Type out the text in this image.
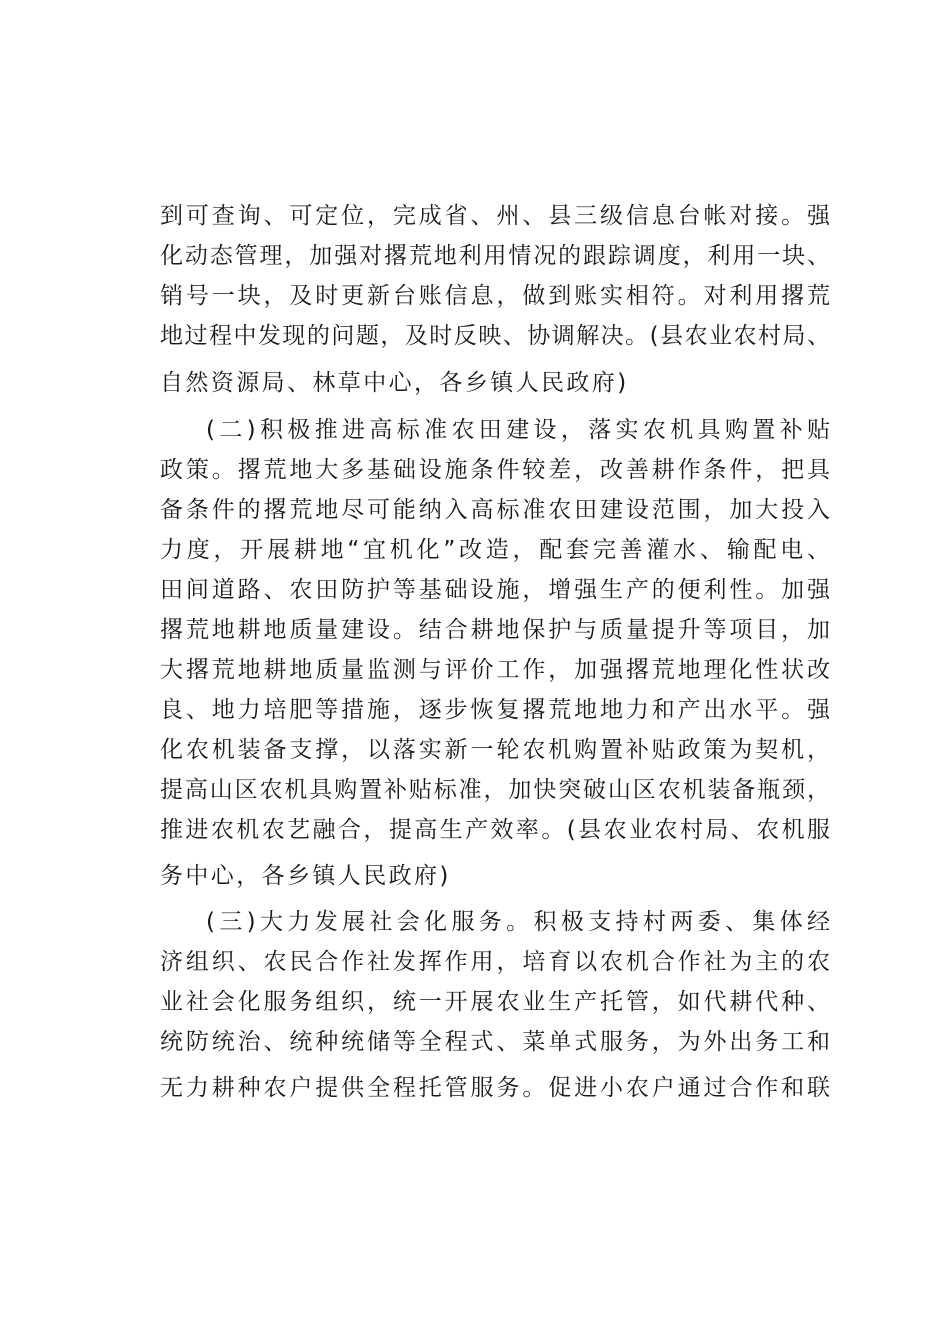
到可查询、可定位，完成省、州、县三级信息台帐对接。强
化动态管理，加强对撂荒地利用情况的跟踪调度，利用一块、
销号一块，及时更新台账信息，做到账实相符。对利用撂荒
地过程中发现的问题，及时反映、协调解决。(县农业农村局、
自然资源局、林草中心，各乡镇人民政府)
(二)积极推进高标准农田建设，落实农机具购置补贴
政策。撂荒地大多基础设施条件较差，改善耕作条件，把具
备条件的撂荒地尽可能纳入高标准农田建设范围，加大投入
力度，开展耕地“宜机化”改造，配套完善灌水、输配电、
田间道路、农田防护等基础设施，增强生产的便利性。加强
撂荒地耕地质量建设。结合耕地保护与质量提升等项目，加
大撂荒地耕地质量监测与评价工作，加强撂荒地理化性状改
良、地力培肥等措施，逐步恢复撂荒地地力和产出水平。强
化农机装备支撑，以落实新一轮农机购置补贴政策为契机，
提高山区农机具购置补贴标准，加快突破山区农机装备瓶颈，
推进农机农艺融合，提高生产效率。(县农业农村局、农机服
务中心，各乡镇人民政府)
(三)大力发展社会化服务。积极支持村两委、集体经
济组织、农民合作社发挥作用，培育以农机合作社为主的农
业社会化服务组织，统一开展农业生产托管，如代耕代种、
统防统治、统种统储等全程式、菜单式服务，为外出务工和
无力耕种农户提供全程托管服务。促进小农户通过合作和联
